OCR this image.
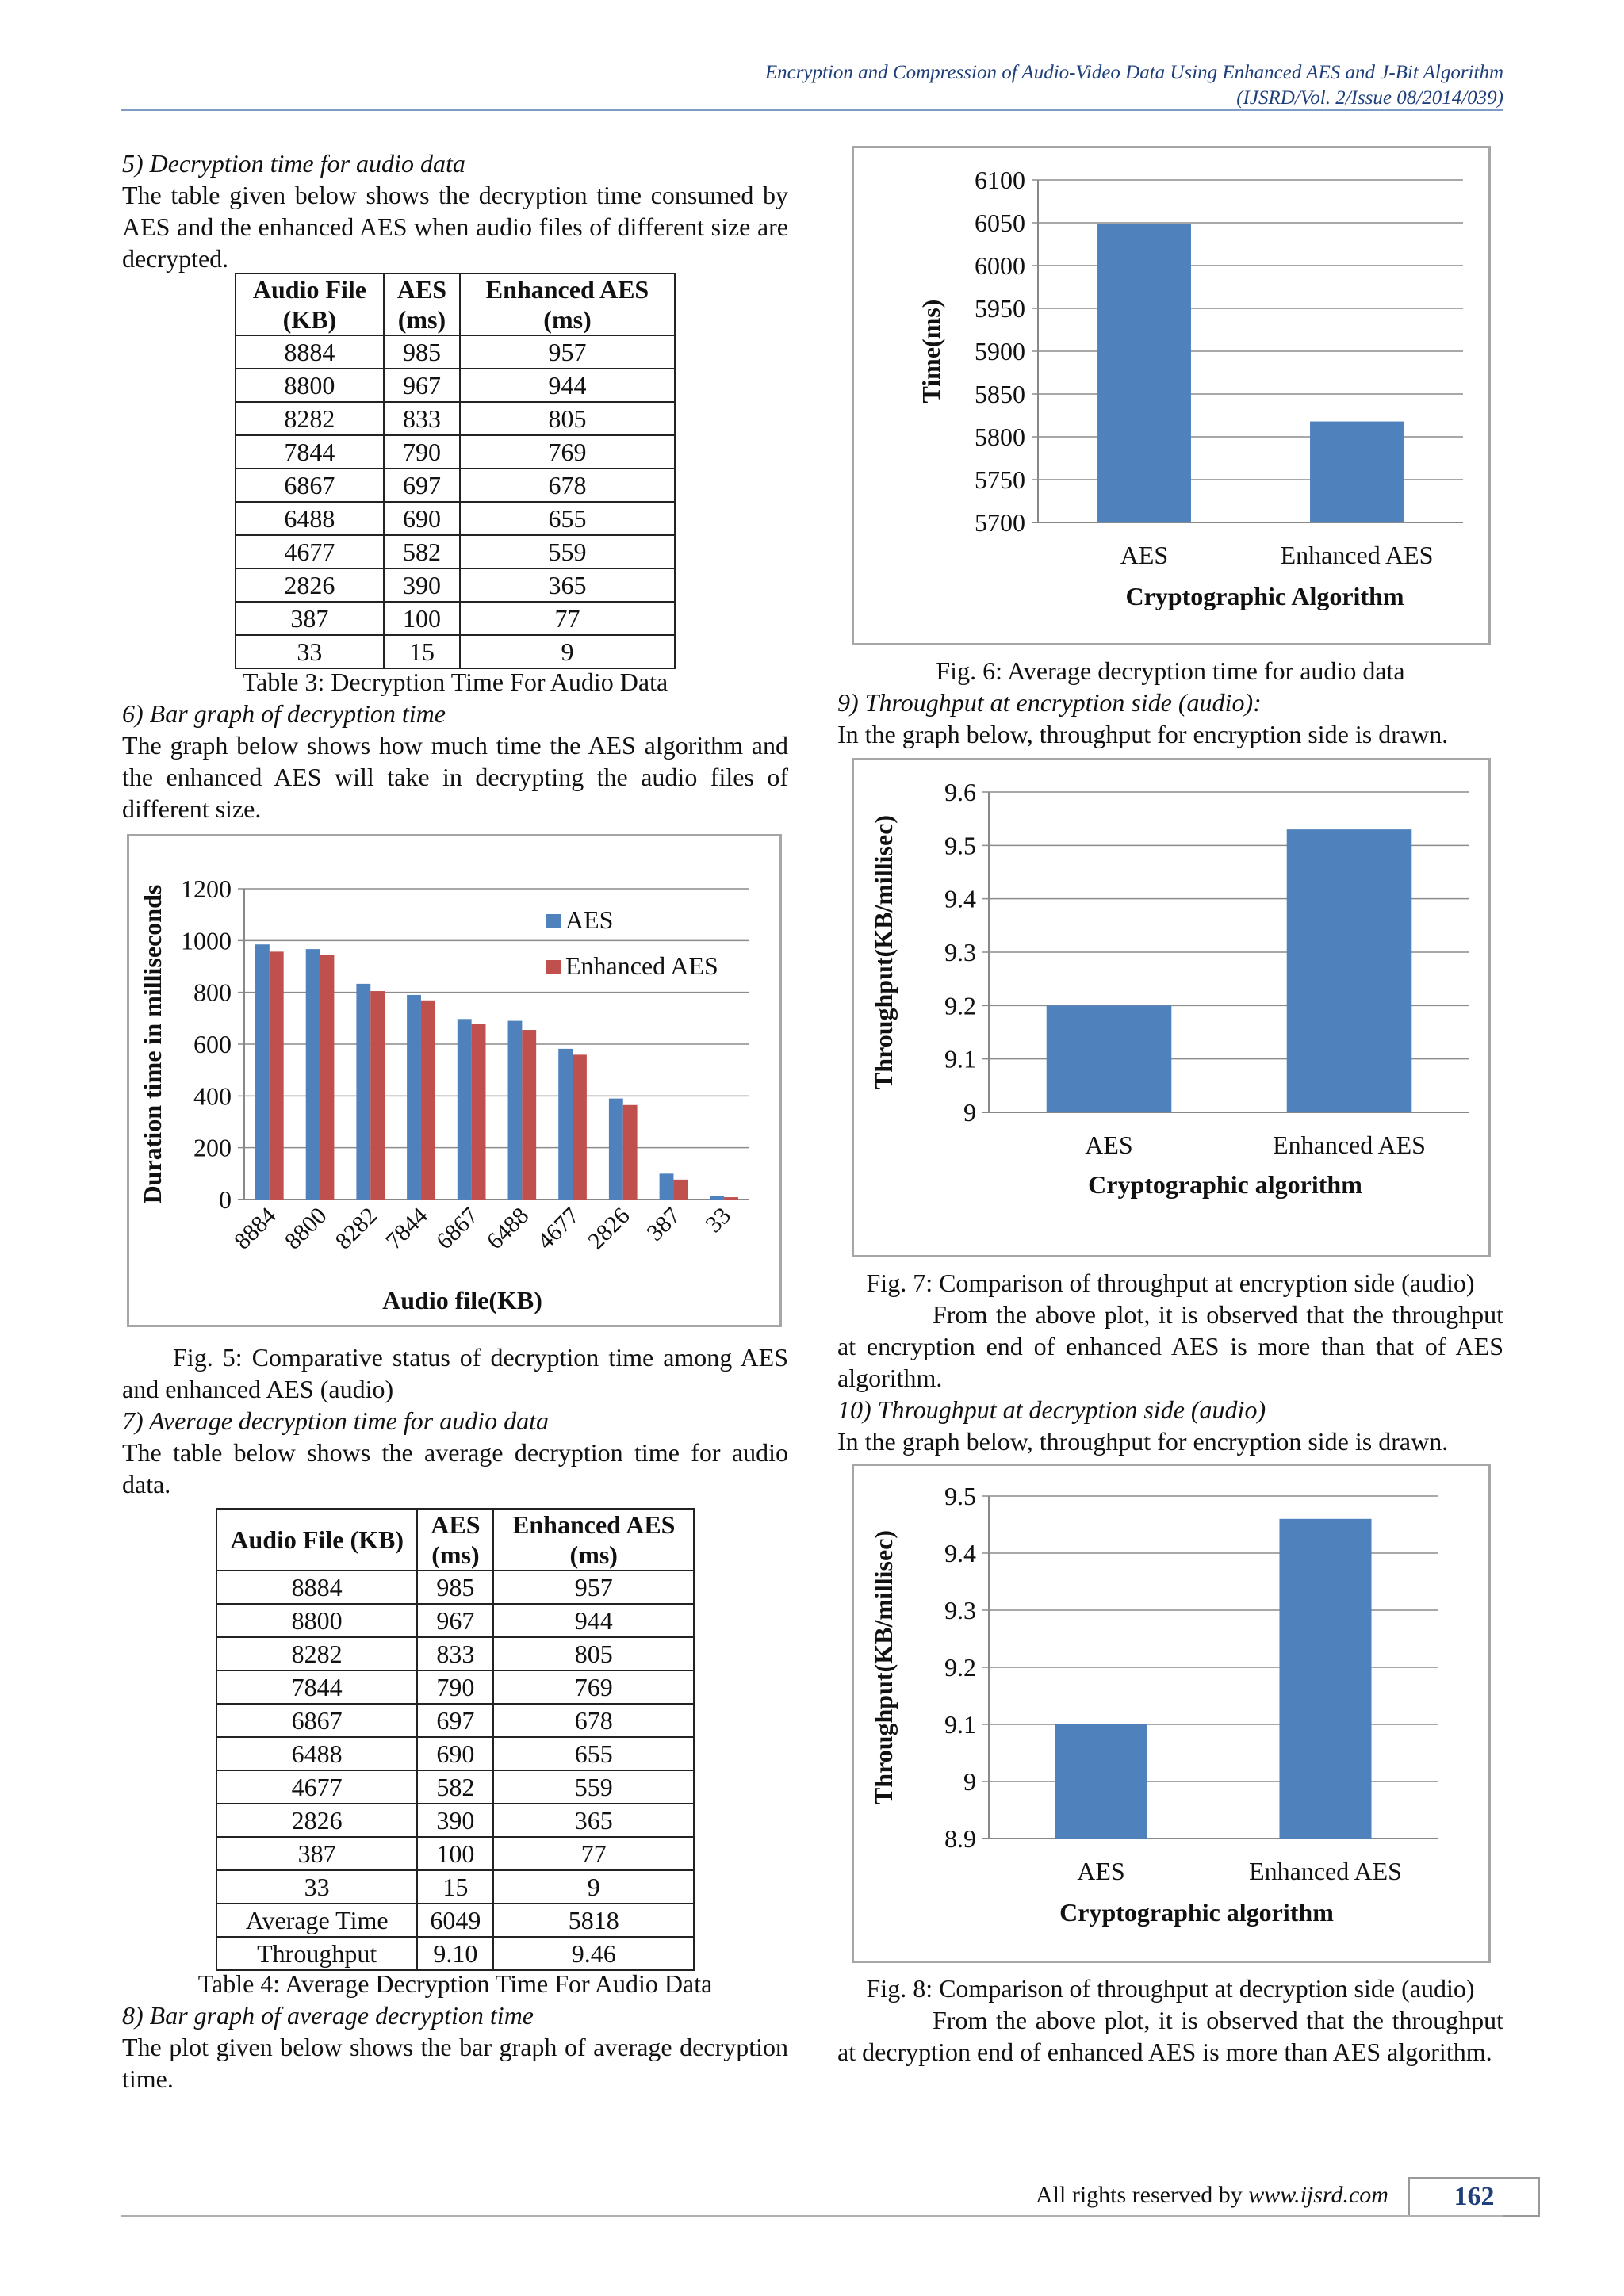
Encryption and Compression of Audio-Video Data Using Enhanced AES and J-Bit Algorithm
(IJSRD/Vol. 2/Issue 08/2014/039)
5) Decryption time for audio data
The table given below shows the decryption time consumed by AES and the enhanced AES when audio files of different size are decrypted.
Audio File (KB)	AES (ms)	Enhanced AES (ms)
8884	985	957
8800	967	944
8282	833	805
7844	790	769
6867	697	678
6488	690	655
4677	582	559
2826	390	365
387	100	77
33	15	9
Table 3: Decryption Time For Audio Data
6) Bar graph of decryption time
The graph below shows how much time the AES algorithm and the enhanced AES will take in decrypting the audio files of different size.
0
200
400
600
800
1000
1200
8884
8800
8282
7844
6867
6488
4677
2826 387 33
Audio file(KB)
Duration time in milliseconds	AES
Enhanced AES
Fig. 5: Comparative status of decryption time among AES and enhanced AES (audio)
7) Average decryption time for audio data
The table below shows the average decryption time for audio data.
Audio File (KB)	AES (ms)	Enhanced AES (ms)
8884	985	957
8800	967	944
8282	833	805
7844	790	769
6867	697	678
6488	690	655
4677	582	559
2826	390	365
387	100	77
33	15	9
Average Time	6049	5818
Throughput	9.10	9.46
Table 4: Average Decryption Time For Audio Data
8) Bar graph of average decryption time
The plot given below shows the bar graph of average decryption time.
5700
5750
5800
5850
5900
5950
6000
6050
6100
AES	Enhanced AES
Cryptographic Algorithm
Time(ms)
Fig. 6: Average decryption time for audio data
9) Throughput at encryption side (audio):
In the graph below, throughput for encryption side is drawn.
9
9.1
9.2
9.3
9.4
9.5
9.6
AES	Enhanced AES
Cryptographic algorithm
Throughput(KB/millisec)
Fig. 7: Comparison of throughput at encryption side (audio)
From the above plot, it is observed that the throughput at encryption end of enhanced AES is more than that of AES algorithm.
10) Throughput at decryption side (audio)
In the graph below, throughput for encryption side is drawn.
8.9
9
9.1
9.2
9.3
9.4
9.5
AES	Enhanced AES
Cryptographic algorithm
Throughput(KB/millisec)
Fig. 8: Comparison of throughput at decryption side (audio)
From the above plot, it is observed that the throughput at decryption end of enhanced AES is more than AES algorithm.
All rights reserved by www.ijsrd.com	162
